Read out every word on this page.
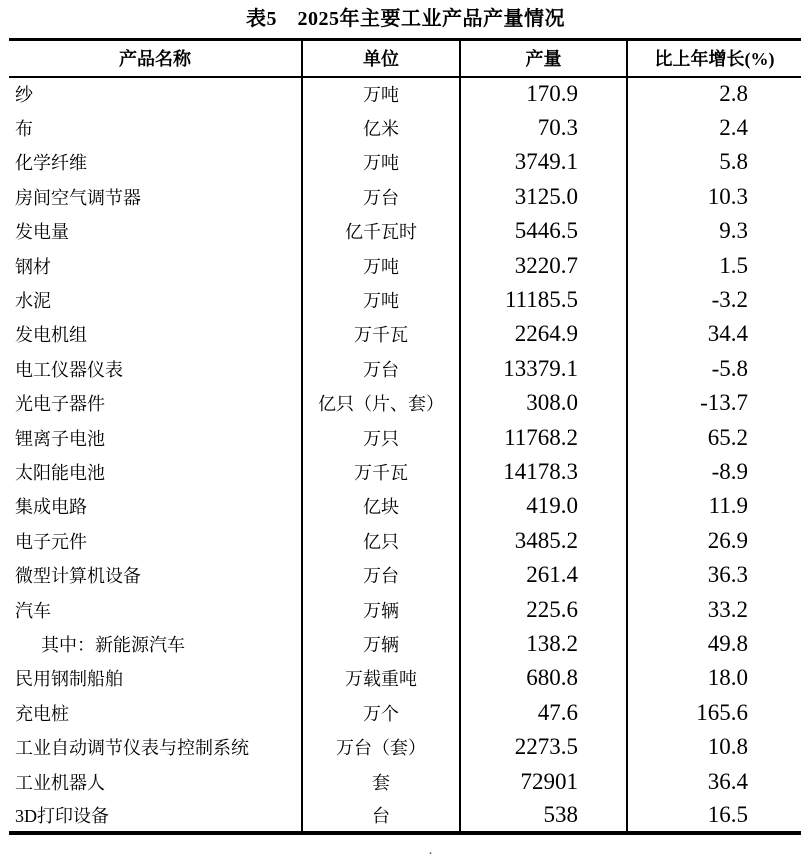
表5　2025年主要工业产品产量情况
产品名称	单位	产量	比上年增长(%)
纱	万吨	170.9	2.8
布	亿米	70.3	2.4
化学纤维	万吨	3749.1	5.8
房间空气调节器	万台	3125.0	10.3
发电量	亿千瓦时	5446.5	9.3
钢材	万吨	3220.7	1.5
水泥	万吨	11185.5	-3.2
发电机组	万千瓦	2264.9	34.4
电工仪器仪表	万台	13379.1	-5.8
光电子器件	亿只（片、套）	308.0	-13.7
锂离子电池	万只	11768.2	65.2
太阳能电池	万千瓦	14178.3	-8.9
集成电路	亿块	419.0	11.9
电子元件	亿只	3485.2	26.9
微型计算机设备	万台	261.4	36.3
汽车	万辆	225.6	33.2
其中：新能源汽车	万辆	138.2	49.8
民用钢制船舶	万载重吨	680.8	18.0
充电桩	万个	47.6	165.6
工业自动调节仪表与控制系统	万台（套）	2273.5	10.8
工业机器人	套	72901	36.4
3D打印设备	台	538	16.5
·
